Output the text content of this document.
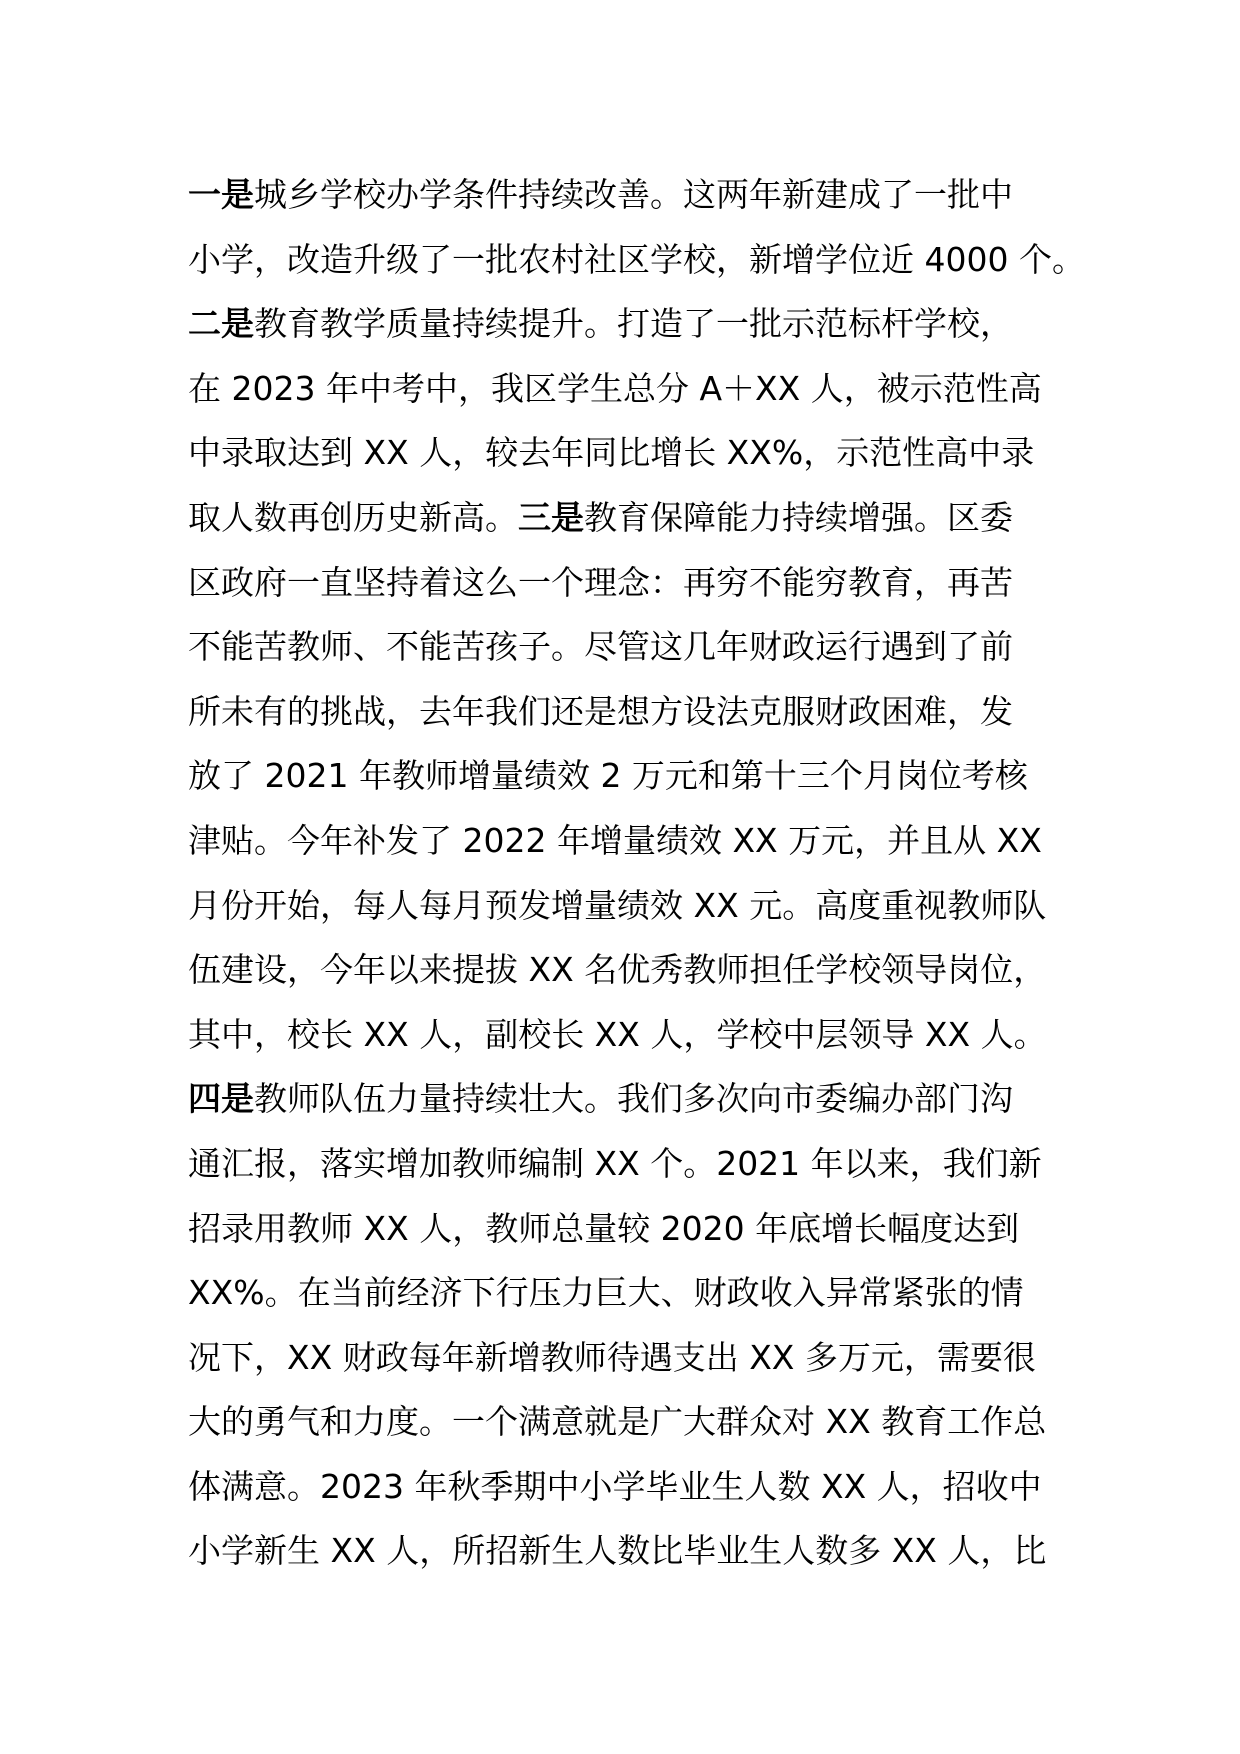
一是城乡学校办学条件持续改善。这两年新建成了一批中
小学，改造升级了一批农村社区学校，新增学位近 4000 个。
二是教育教学质量持续提升。打造了一批示范标杆学校，
在 2023 年中考中，我区学生总分 A＋XX 人，被示范性高
中录取达到 XX 人，较去年同比增长 XX%，示范性高中录
取人数再创历史新高。三是教育保障能力持续增强。区委
区政府一直坚持着这么一个理念：再穷不能穷教育，再苦
不能苦教师、不能苦孩子。尽管这几年财政运行遇到了前
所未有的挑战，去年我们还是想方设法克服财政困难，发
放了 2021 年教师增量绩效 2 万元和第十三个月岗位考核
津贴。今年补发了 2022 年增量绩效 XX 万元，并且从 XX
月份开始，每人每月预发增量绩效 XX 元。高度重视教师队
伍建设，今年以来提拔 XX 名优秀教师担任学校领导岗位，
其中，校长 XX 人，副校长 XX 人，学校中层领导 XX 人。
四是教师队伍力量持续壮大。我们多次向市委编办部门沟
通汇报，落实增加教师编制 XX 个。2021 年以来，我们新
招录用教师 XX 人，教师总量较 2020 年底增长幅度达到
XX%。在当前经济下行压力巨大、财政收入异常紧张的情
况下，XX 财政每年新增教师待遇支出 XX 多万元，需要很
大的勇气和力度。一个满意就是广大群众对 XX 教育工作总
体满意。2023 年秋季期中小学毕业生人数 XX 人，招收中
小学新生 XX 人，所招新生人数比毕业生人数多 XX 人，比
